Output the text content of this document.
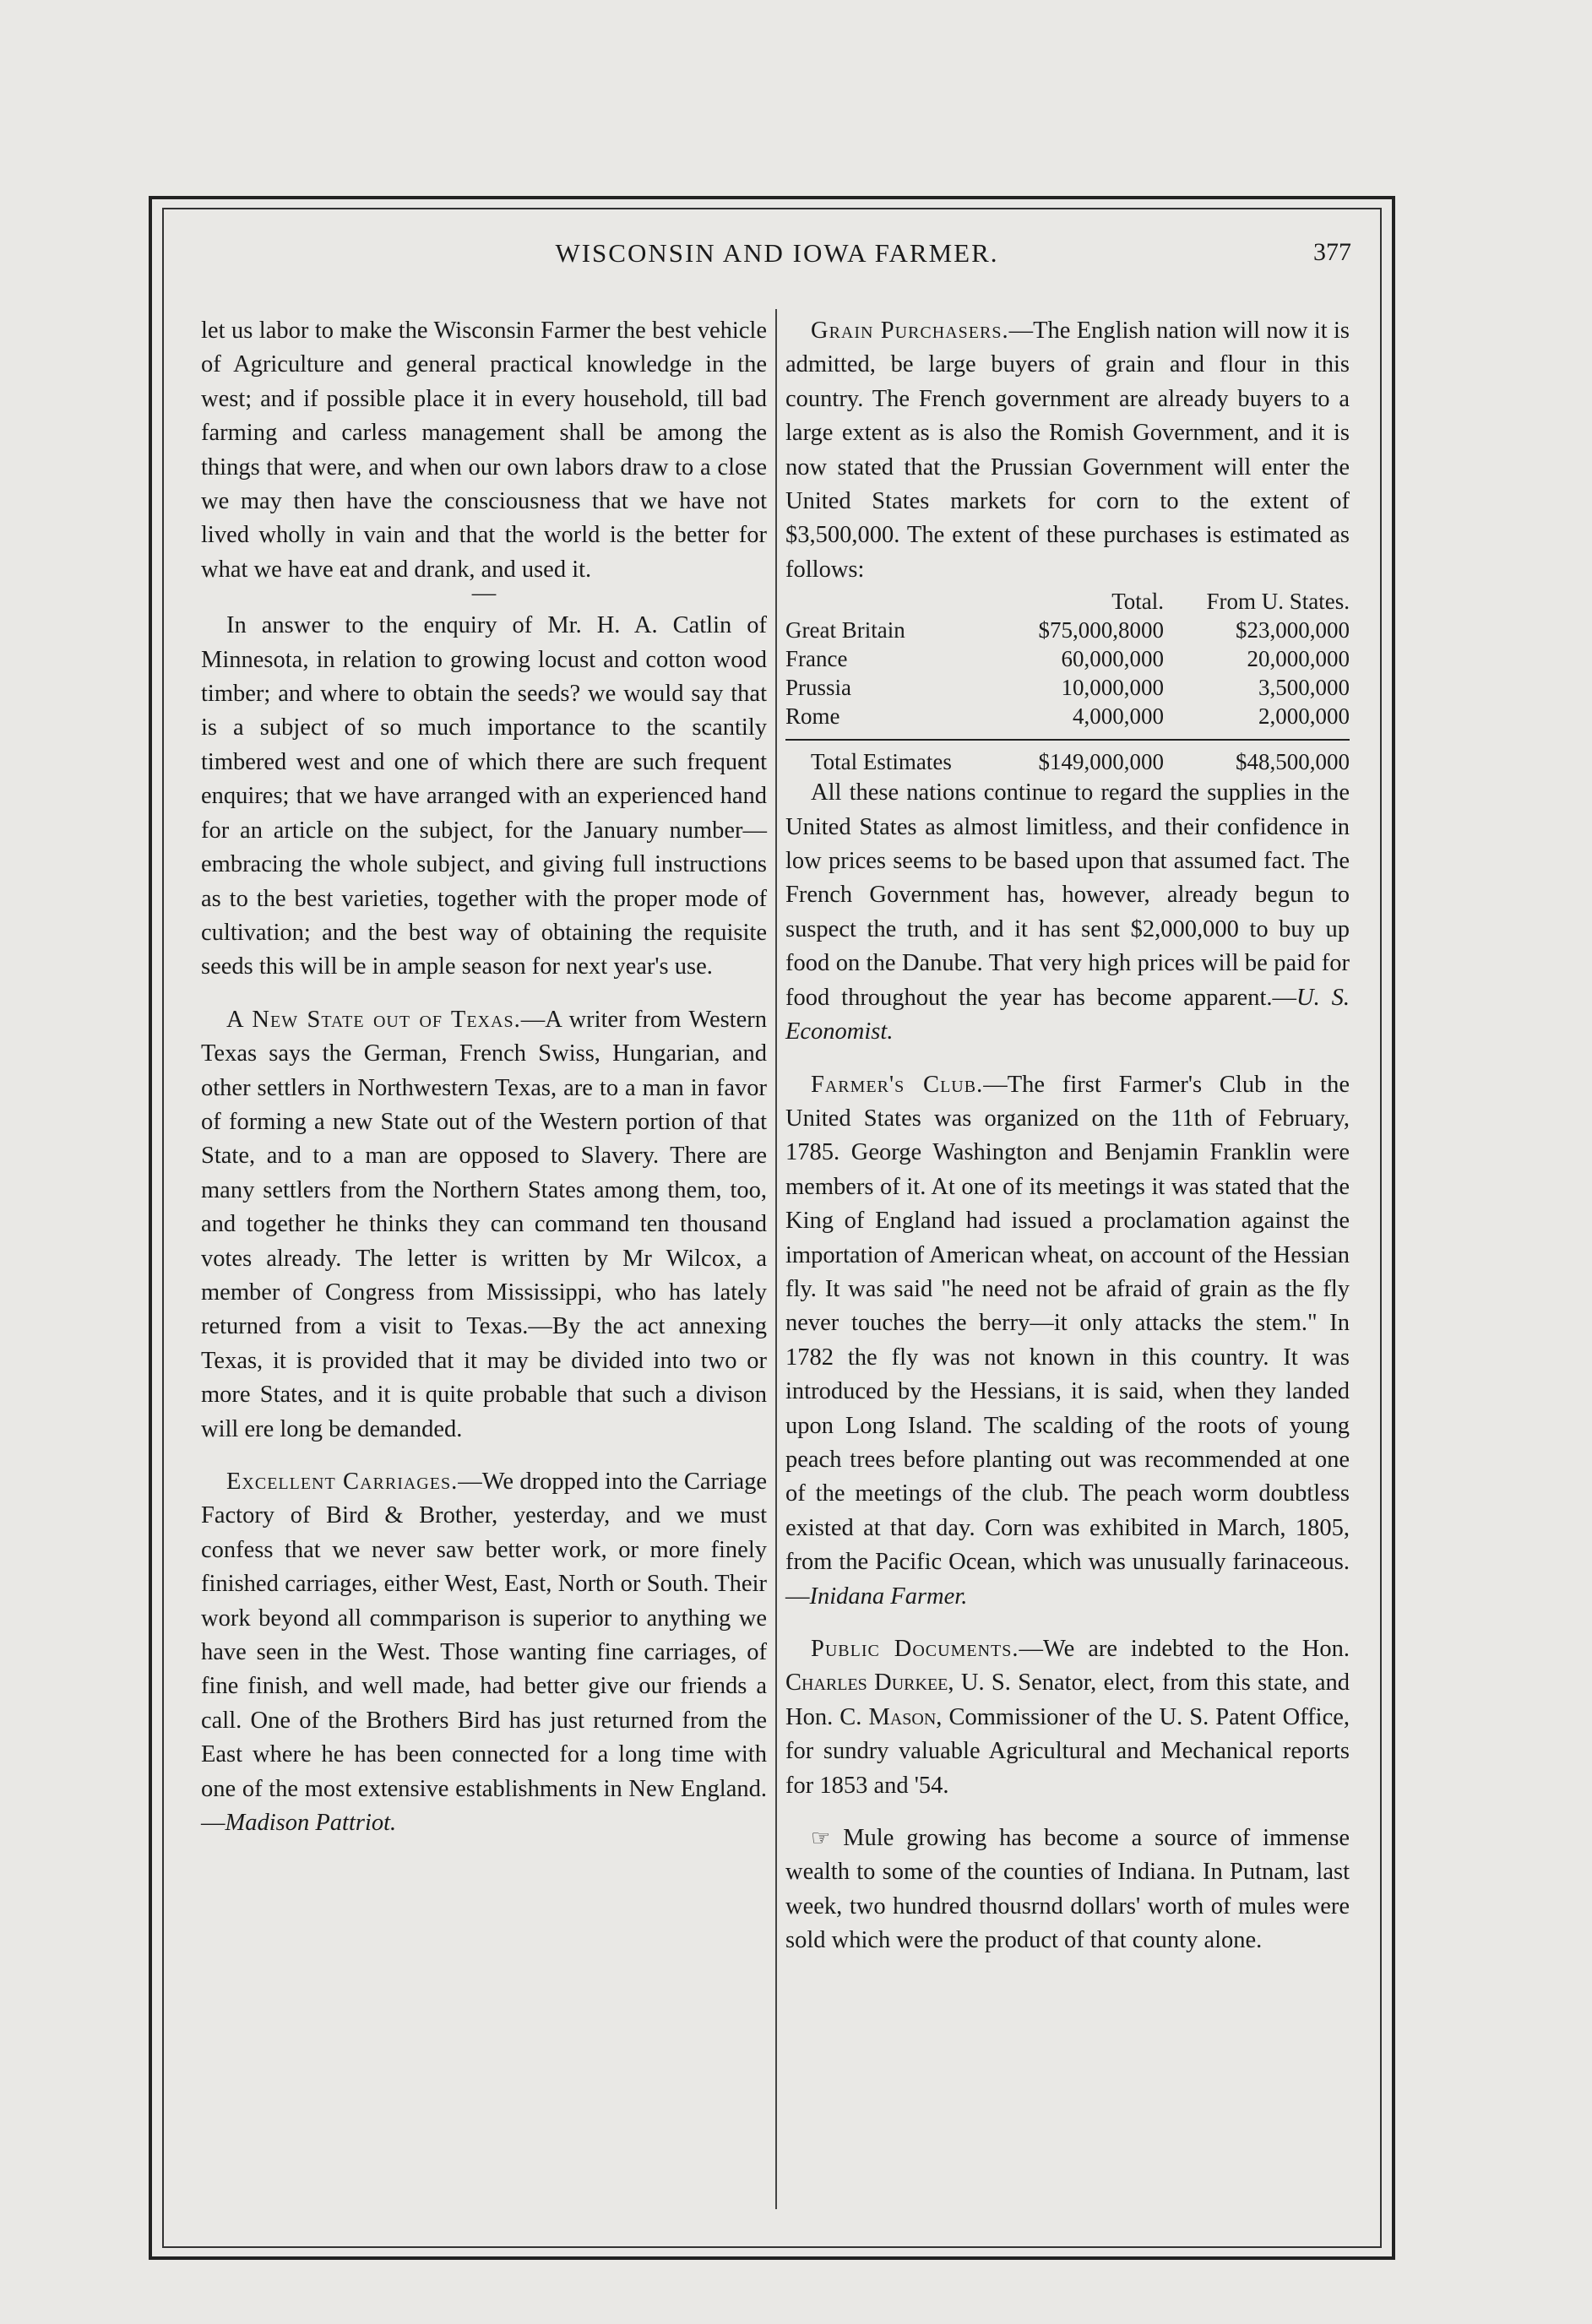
WISCONSIN AND IOWA FARMER.	377

let us labor to make the Wisconsin Farmer the best vehicle of Agriculture and general practical knowledge in the west; and if possible place it in every household, till bad farming and carless management shall be among the things that were, and when our own labors draw to a close we may then have the consciousness that we have not lived wholly in vain and that the world is the better for what we have eat and drank, and used it.

—

In answer to the enquiry of Mr. H. A. Catlin of Minnesota, in relation to growing locust and cotton wood timber; and where to obtain the seeds? we would say that is a subject of so much importance to the scantily timbered west and one of which there are such frequent enquires; that we have arranged with an experienced hand for an article on the subject, for the January number—embracing the whole subject, and giving full instructions as to the best varieties, together with the proper mode of cultivation; and the best way of obtaining the requisite seeds this will be in ample season for next year's use.

A New State out of Texas.—A writer from Western Texas says the German, French Swiss, Hungarian, and other settlers in Northwestern Texas, are to a man in favor of forming a new State out of the Western portion of that State, and to a man are opposed to Slavery. There are many settlers from the Northern States among them, too, and together he thinks they can command ten thousand votes already. The letter is written by Mr Wilcox, a member of Congress from Mississippi, who has lately returned from a visit to Texas.—By the act annexing Texas, it is provided that it may be divided into two or more States, and it is quite probable that such a divison will ere long be demanded.

Excellent Carriages.—We dropped into the Carriage Factory of Bird & Brother, yesterday, and we must confess that we never saw better work, or more finely finished carriages, either West, East, North or South. Their work beyond all commparison is superior to anything we have seen in the West. Those wanting fine carriages, of fine finish, and well made, had better give our friends a call. One of the Brothers Bird has just returned from the East where he has been connected for a long time with one of the most extensive establishments in New England.—Madison Pattriot.

Grain Purchasers.—The English nation will now it is admitted, be large buyers of grain and flour in this country. The French government are already buyers to a large extent as is also the Romish Government, and it is now stated that the Prussian Government will enter the United States markets for corn to the extent of $3,500,000. The extent of these purchases is estimated as follows:

	Total.	From U. States.
Great Britain	$75,000,8000	$23,000,000
France	60,000,000	20,000,000
Prussia	10,000,000	3,500,000
Rome	4,000,000	2,000,000

Total Estimates	$149,000,000	$48,500,000

All these nations continue to regard the supplies in the United States as almost limitless, and their confidence in low prices seems to be based upon that assumed fact. The French Government has, however, already begun to suspect the truth, and it has sent $2,000,000 to buy up food on the Danube. That very high prices will be paid for food throughout the year has become apparent.—U. S. Economist.

Farmer's Club.—The first Farmer's Club in the United States was organized on the 11th of February, 1785. George Washington and Benjamin Franklin were members of it. At one of its meetings it was stated that the King of England had issued a proclamation against the importation of American wheat, on account of the Hessian fly. It was said "he need not be afraid of grain as the fly never touches the berry—it only attacks the stem." In 1782 the fly was not known in this country. It was introduced by the Hessians, it is said, when they landed upon Long Island. The scalding of the roots of young peach trees before planting out was recommended at one of the meetings of the club. The peach worm doubtless existed at that day. Corn was exhibited in March, 1805, from the Pacific Ocean, which was unusually farinaceous.—Inidana Farmer.

Public Documents.—We are indebted to the Hon. Charles Durkee, U. S. Senator, elect, from this state, and Hon. C. Mason, Commissioner of the U. S. Patent Office, for sundry valuable Agricultural and Mechanical reports for 1853 and '54.

☞ Mule growing has become a source of immense wealth to some of the counties of Indiana. In Putnam, last week, two hundred thousrnd dollars' worth of mules were sold which were the product of that county alone.
